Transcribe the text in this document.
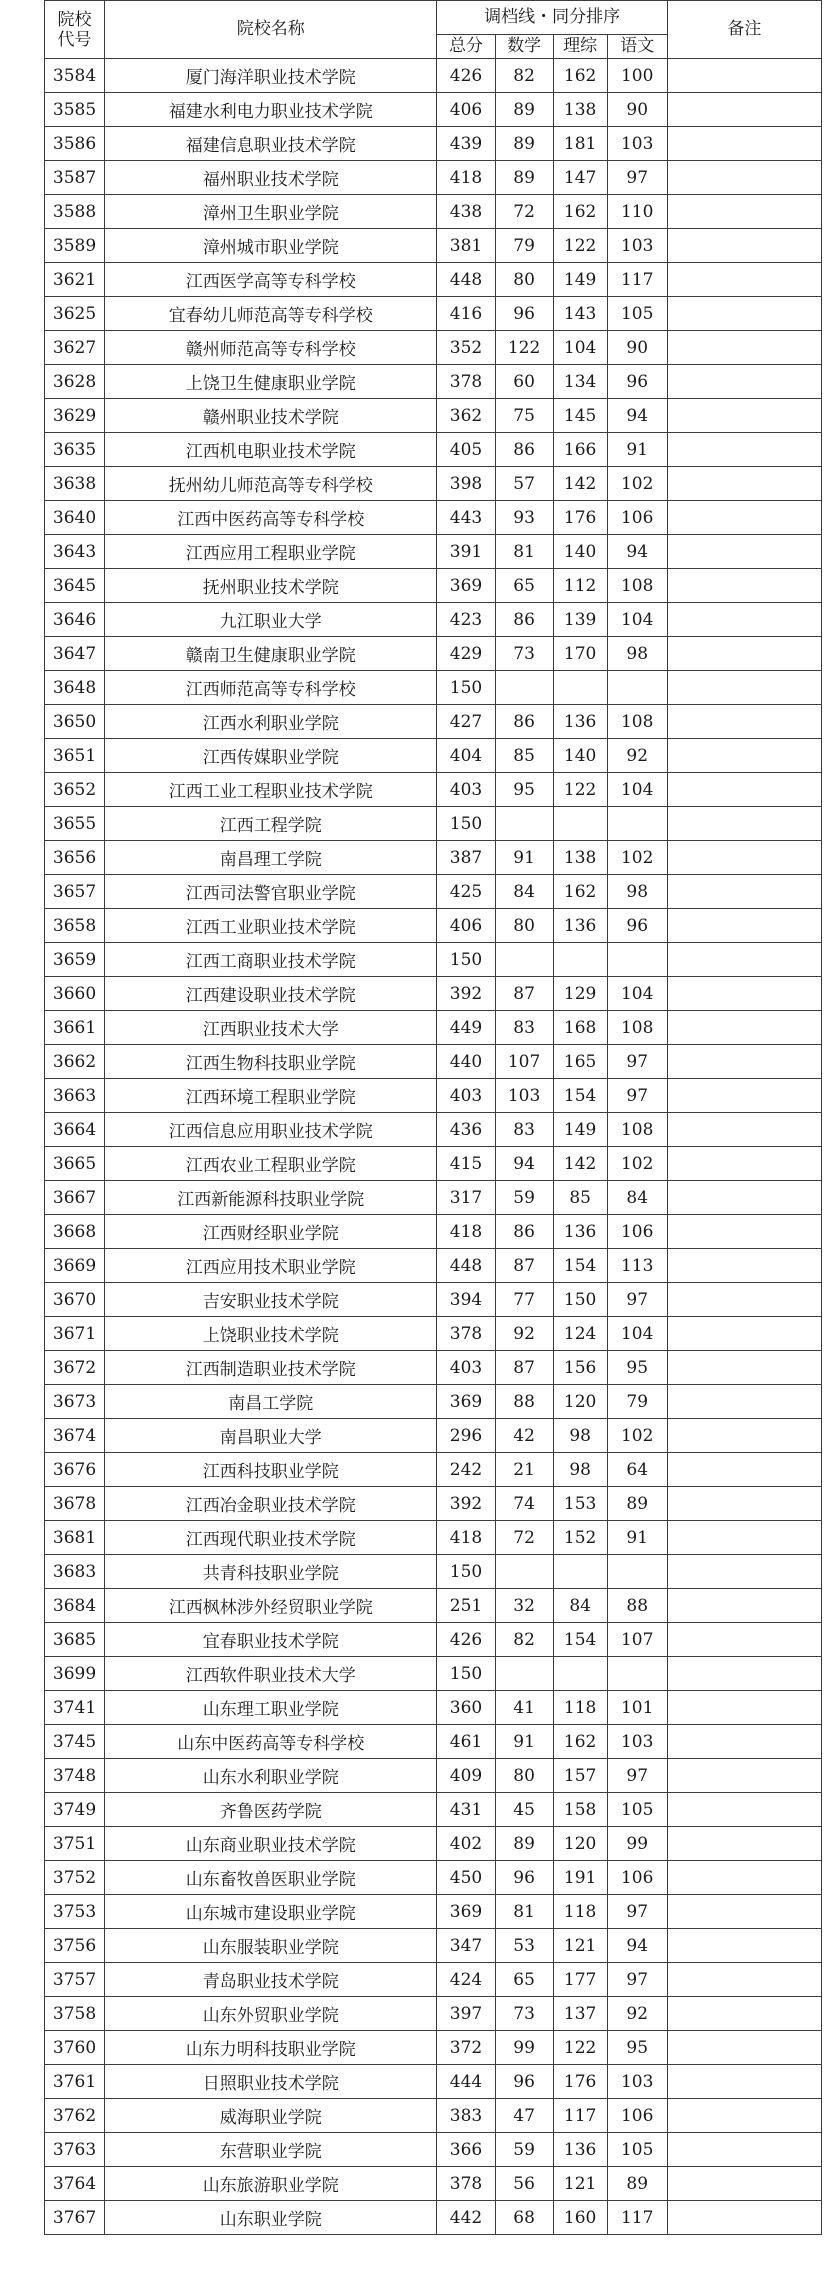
院校代号	院校名称	调档线・同分排序				备注
		总分	数学	理综	语文	
3584	厦门海洋职业技术学院	426	82	162	100	
3585	福建水利电力职业技术学院	406	89	138	90	
3586	福建信息职业技术学院	439	89	181	103	
3587	福州职业技术学院	418	89	147	97	
3588	漳州卫生职业学院	438	72	162	110	
3589	漳州城市职业学院	381	79	122	103	
3621	江西医学高等专科学校	448	80	149	117	
3625	宜春幼儿师范高等专科学校	416	96	143	105	
3627	赣州师范高等专科学校	352	122	104	90	
3628	上饶卫生健康职业学院	378	60	134	96	
3629	赣州职业技术学院	362	75	145	94	
3635	江西机电职业技术学院	405	86	166	91	
3638	抚州幼儿师范高等专科学校	398	57	142	102	
3640	江西中医药高等专科学校	443	93	176	106	
3643	江西应用工程职业学院	391	81	140	94	
3645	抚州职业技术学院	369	65	112	108	
3646	九江职业大学	423	86	139	104	
3647	赣南卫生健康职业学院	429	73	170	98	
3648	江西师范高等专科学校	150				
3650	江西水利职业学院	427	86	136	108	
3651	江西传媒职业学院	404	85	140	92	
3652	江西工业工程职业技术学院	403	95	122	104	
3655	江西工程学院	150				
3656	南昌理工学院	387	91	138	102	
3657	江西司法警官职业学院	425	84	162	98	
3658	江西工业职业技术学院	406	80	136	96	
3659	江西工商职业技术学院	150				
3660	江西建设职业技术学院	392	87	129	104	
3661	江西职业技术大学	449	83	168	108	
3662	江西生物科技职业学院	440	107	165	97	
3663	江西环境工程职业学院	403	103	154	97	
3664	江西信息应用职业技术学院	436	83	149	108	
3665	江西农业工程职业学院	415	94	142	102	
3667	江西新能源科技职业学院	317	59	85	84	
3668	江西财经职业学院	418	86	136	106	
3669	江西应用技术职业学院	448	87	154	113	
3670	吉安职业技术学院	394	77	150	97	
3671	上饶职业技术学院	378	92	124	104	
3672	江西制造职业技术学院	403	87	156	95	
3673	南昌工学院	369	88	120	79	
3674	南昌职业大学	296	42	98	102	
3676	江西科技职业学院	242	21	98	64	
3678	江西冶金职业技术学院	392	74	153	89	
3681	江西现代职业技术学院	418	72	152	91	
3683	共青科技职业学院	150				
3684	江西枫林涉外经贸职业学院	251	32	84	88	
3685	宜春职业技术学院	426	82	154	107	
3699	江西软件职业技术大学	150				
3741	山东理工职业学院	360	41	118	101	
3745	山东中医药高等专科学校	461	91	162	103	
3748	山东水利职业学院	409	80	157	97	
3749	齐鲁医药学院	431	45	158	105	
3751	山东商业职业技术学院	402	89	120	99	
3752	山东畜牧兽医职业学院	450	96	191	106	
3753	山东城市建设职业学院	369	81	118	97	
3756	山东服装职业学院	347	53	121	94	
3757	青岛职业技术学院	424	65	177	97	
3758	山东外贸职业学院	397	73	137	92	
3760	山东力明科技职业学院	372	99	122	95	
3761	日照职业技术学院	444	96	176	103	
3762	威海职业学院	383	47	117	106	
3763	东营职业学院	366	59	136	105	
3764	山东旅游职业学院	378	56	121	89	
3767	山东职业学院	442	68	160	117	
